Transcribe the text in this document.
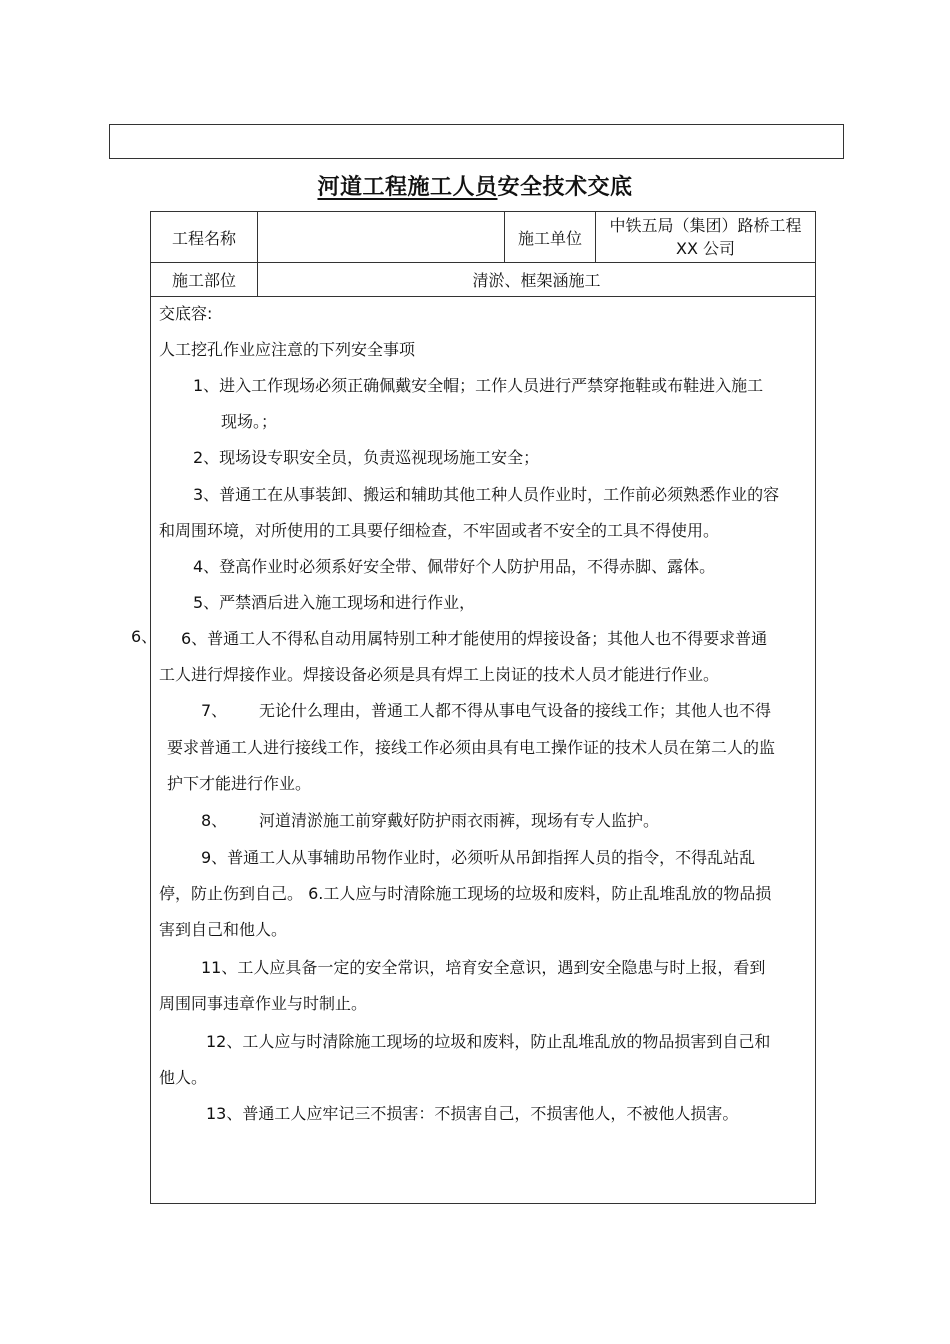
河道工程施工人员安全技术交底
6、
工程名称	施工单位
中铁五局（集团）路桥工程
XX 公司
施工部位	清淤、框架涵施工
交底容:
人工挖孔作业应注意的下列安全事项
1、进入工作现场必须正确佩戴安全帽；工作人员进行严禁穿拖鞋或布鞋进入施工
现场。；
2、现场设专职安全员，负责巡视现场施工安全；
3、普通工在从事装卸、搬运和辅助其他工种人员作业时，工作前必须熟悉作业的容
和周围环境，对所使用的工具要仔细检查，不牢固或者不安全的工具不得使用。
4、登高作业时必须系好安全带、佩带好个人防护用品，不得赤脚、露体。
5、严禁酒后进入施工现场和进行作业，
6、普通工人不得私自动用属特别工种才能使用的焊接设备；其他人也不得要求普通
工人进行焊接作业。焊接设备必须是具有焊工上岗证的技术人员才能进行作业。
7、 无论什么理由，普通工人都不得从事电气设备的接线工作；其他人也不得
要求普通工人进行接线工作，接线工作必须由具有电工操作证的技术人员在第二人的监
护下才能进行作业。
8、 河道清淤施工前穿戴好防护雨衣雨裤，现场有专人监护。
9、普通工人从事辅助吊物作业时，必须听从吊卸指挥人员的指令，不得乱站乱
停，防止伤到自己。 6.工人应与时清除施工现场的垃圾和废料，防止乱堆乱放的物品损
害到自己和他人。
11、工人应具备一定的安全常识，培育安全意识，遇到安全隐患与时上报，看到
周围同事违章作业与时制止。
12、工人应与时清除施工现场的垃圾和废料，防止乱堆乱放的物品损害到自己和
他人。
13、普通工人应牢记三不损害：不损害自己，不损害他人，不被他人损害。
